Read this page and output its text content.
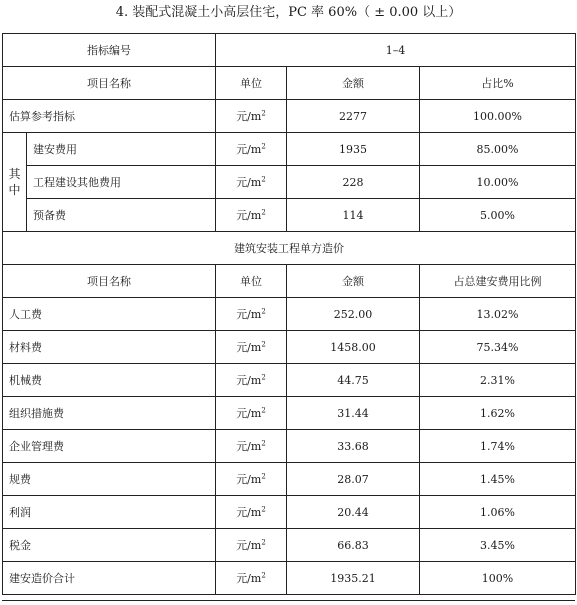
4. 装配式混凝土小高层住宅，PC 率 60%（ ± 0.00 以上）
指标编号		1–4		
项目名称		单位	金额	占比%
估算参考指标		元$/m^2$	2277	100.00%

其
中	建安费用	元$/m^2$	1935	85.00%
	工程建设其他费用	元$/m^2$	228	10.00%
	预备费	元$/m^2$	114	5.00%
建筑安装工程单方造价				
项目名称		单位	金额	占总建安费用比例
人工费		元$/m^2$	252.00	13.02%
材料费		元$/m^2$	1458.00	75.34%
机械费		元$/m^2$	44.75	2.31%
组织措施费		元$/m^2$	31.44	1.62%
企业管理费		元$/m^2$	33.68	1.74%
规费		元$/m^2$	28.07	1.45%
利润		元$/m^2$	20.44	1.06%
税金		元$/m^2$	66.83	3.45%
建安造价合计		元$/m^2$	1935.21	100%
